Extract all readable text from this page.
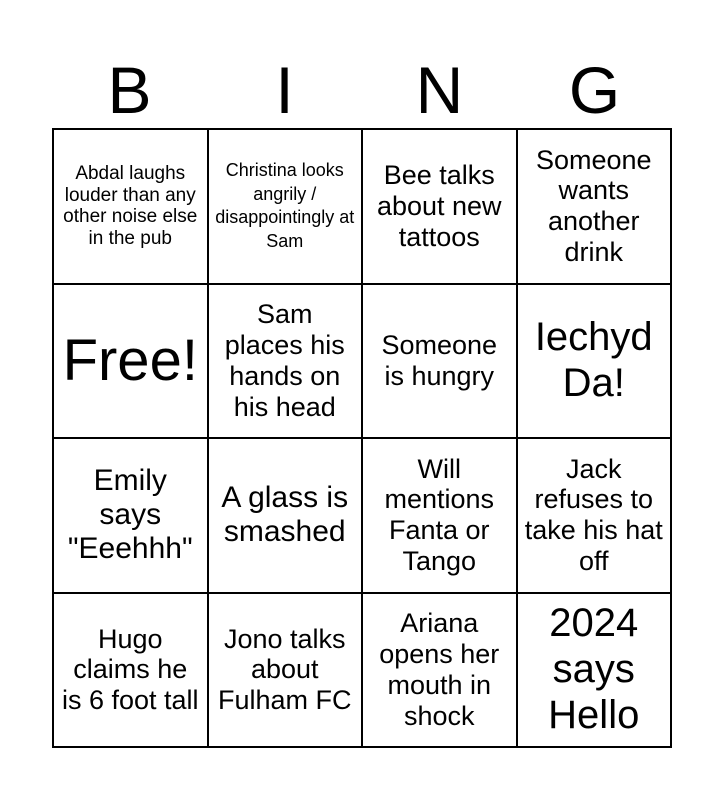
B	I	N	G
Abdal laughs louder than any other noise else in the pub
Christina looks angrily / disappointingly at Sam
Bee talks about new tattoos
Someone wants another drink
Free!
Sam places his hands on his head
Someone is hungry
Iechyd Da!
Emily says "Eeehhh"
A glass is smashed
Will mentions Fanta or Tango
Jack refuses to take his hat off
Hugo claims he is 6 foot tall
Jono talks about Fulham FC
Ariana opens her mouth in shock
2024 says Hello
